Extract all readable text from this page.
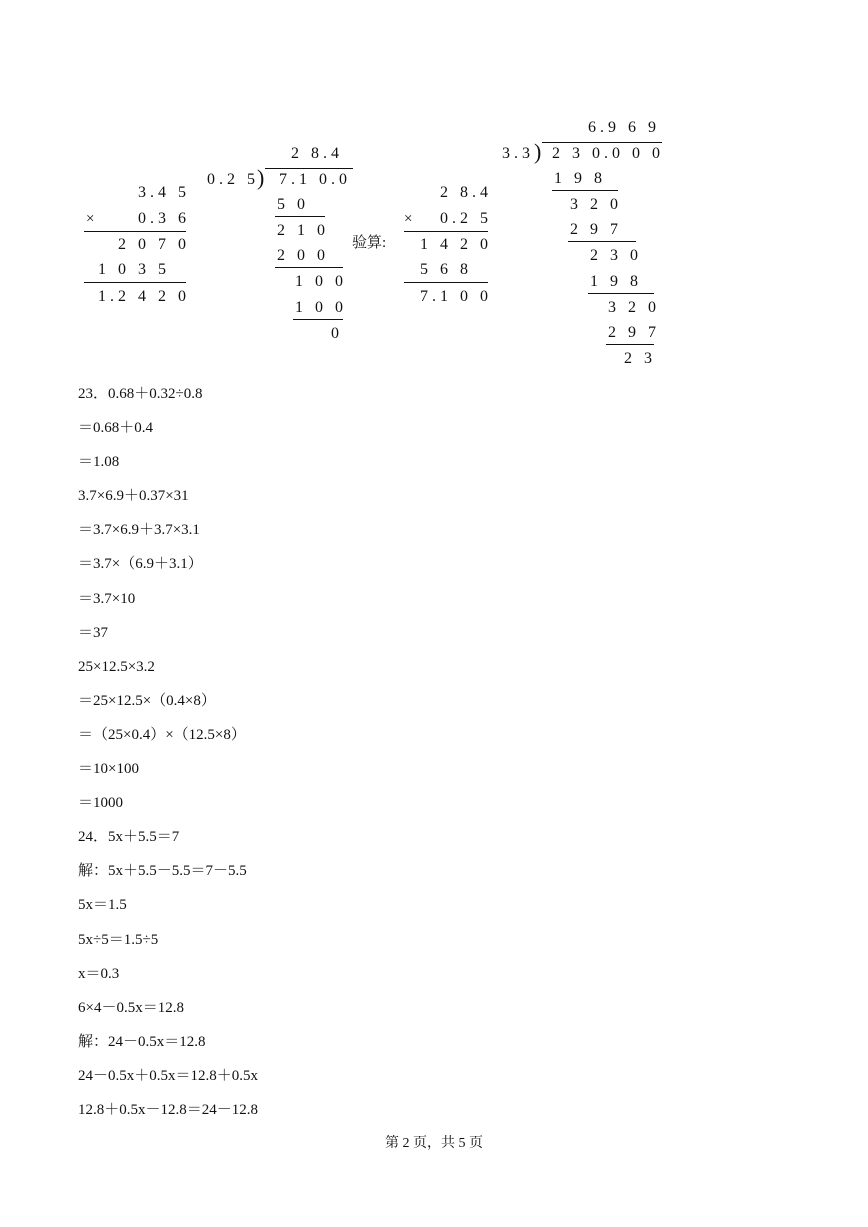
3.4 5

×

	0.3 6

2 0 7 0

1 0 3 5

1.2 4 2 0

2 8.4

0.2 5

)

7.1 0.0

5 0

2 1 0

2 0 0

1 0 0

1 0 0

0

验算:

2 8.4

×

	0.2 5

1 4 2 0

5 6 8

7.1 0 0

6.9 6 9

3.3

)

2 3 0.0 0 0

1 9 8

3 2 0

2 9 7

2 3 0

1 9 8

3 2 0

2 9 7

2 3

23．0.68＋0.32÷0.8
＝0.68＋0.4
＝1.08
3.7×6.9＋0.37×31
＝3.7×6.9＋3.7×3.1
＝3.7×（6.9＋3.1）
＝3.7×10
＝37
25×12.5×3.2
＝25×12.5×（0.4×8）
＝（25×0.4）×（12.5×8）
＝10×100
＝1000
24．5x＋5.5＝7
解：5x＋5.5－5.5＝7－5.5
5x＝1.5
5x÷5＝1.5÷5
x＝0.3
6×4－0.5x＝12.8
解：24－0.5x＝12.8
24－0.5x＋0.5x＝12.8＋0.5x
12.8＋0.5x－12.8＝24－12.8
第 2 页，共 5 页
